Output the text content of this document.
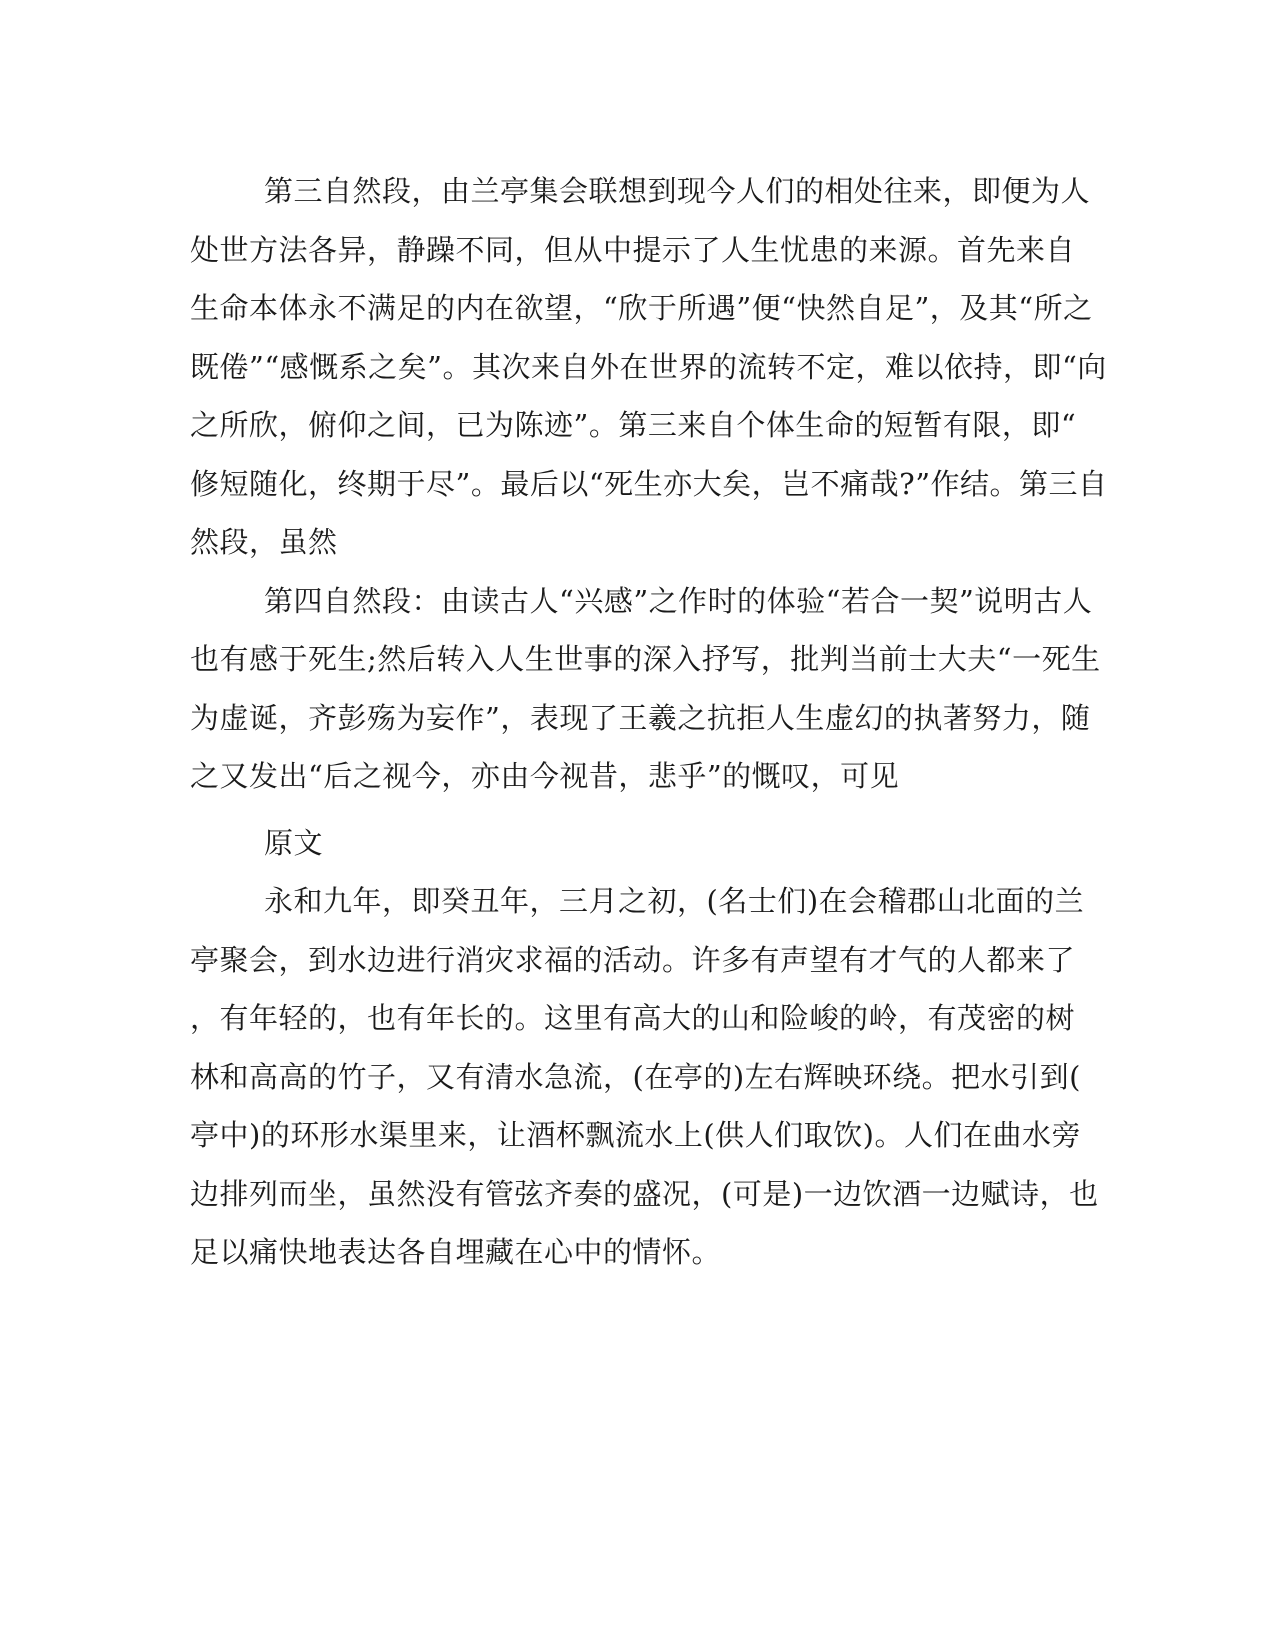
第三自然段，由兰亭集会联想到现今人们的相处往来，即便为人
处世方法各异，静躁不同，但从中提示了人生忧患的来源。首先来自
生命本体永不满足的内在欲望，“欣于所遇”便“快然自足”，及其“所之
既倦”“感慨系之矣”。其次来自外在世界的流转不定，难以依持，即“向
之所欣，俯仰之间，已为陈迹”。第三来自个体生命的短暂有限，即“
修短随化，终期于尽”。最后以“死生亦大矣，岂不痛哉?”作结。第三自
然段，虽然
第四自然段：由读古人“兴感”之作时的体验“若合一契”说明古人
也有感于死生;然后转入人生世事的深入抒写，批判当前士大夫“一死生
为虚诞，齐彭殇为妄作”，表现了王羲之抗拒人生虚幻的执著努力，随
之又发出“后之视今，亦由今视昔，悲乎”的慨叹，可见
原文
永和九年，即癸丑年，三月之初，(名士们)在会稽郡山北面的兰
亭聚会，到水边进行消灾求福的活动。许多有声望有才气的人都来了
，有年轻的，也有年长的。这里有高大的山和险峻的岭，有茂密的树
林和高高的竹子，又有清水急流，(在亭的)左右辉映环绕。把水引到(
亭中)的环形水渠里来，让酒杯飘流水上(供人们取饮)。人们在曲水旁
边排列而坐，虽然没有管弦齐奏的盛况，(可是)一边饮酒一边赋诗，也
足以痛快地表达各自埋藏在心中的情怀。
